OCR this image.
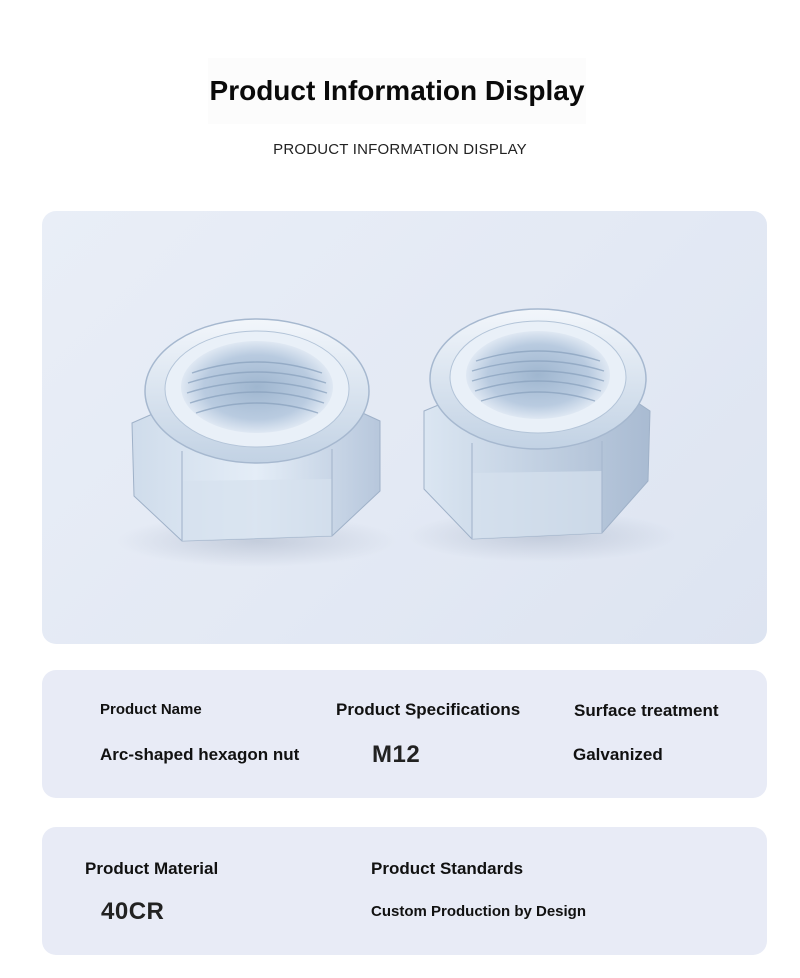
Product Information Display
PRODUCT INFORMATION DISPLAY
Product Name
Arc-shaped hexagon nut
Product Specifications
M12
Surface treatment
Galvanized
Product Material
40CR
Product Standards
Custom Production by Design
